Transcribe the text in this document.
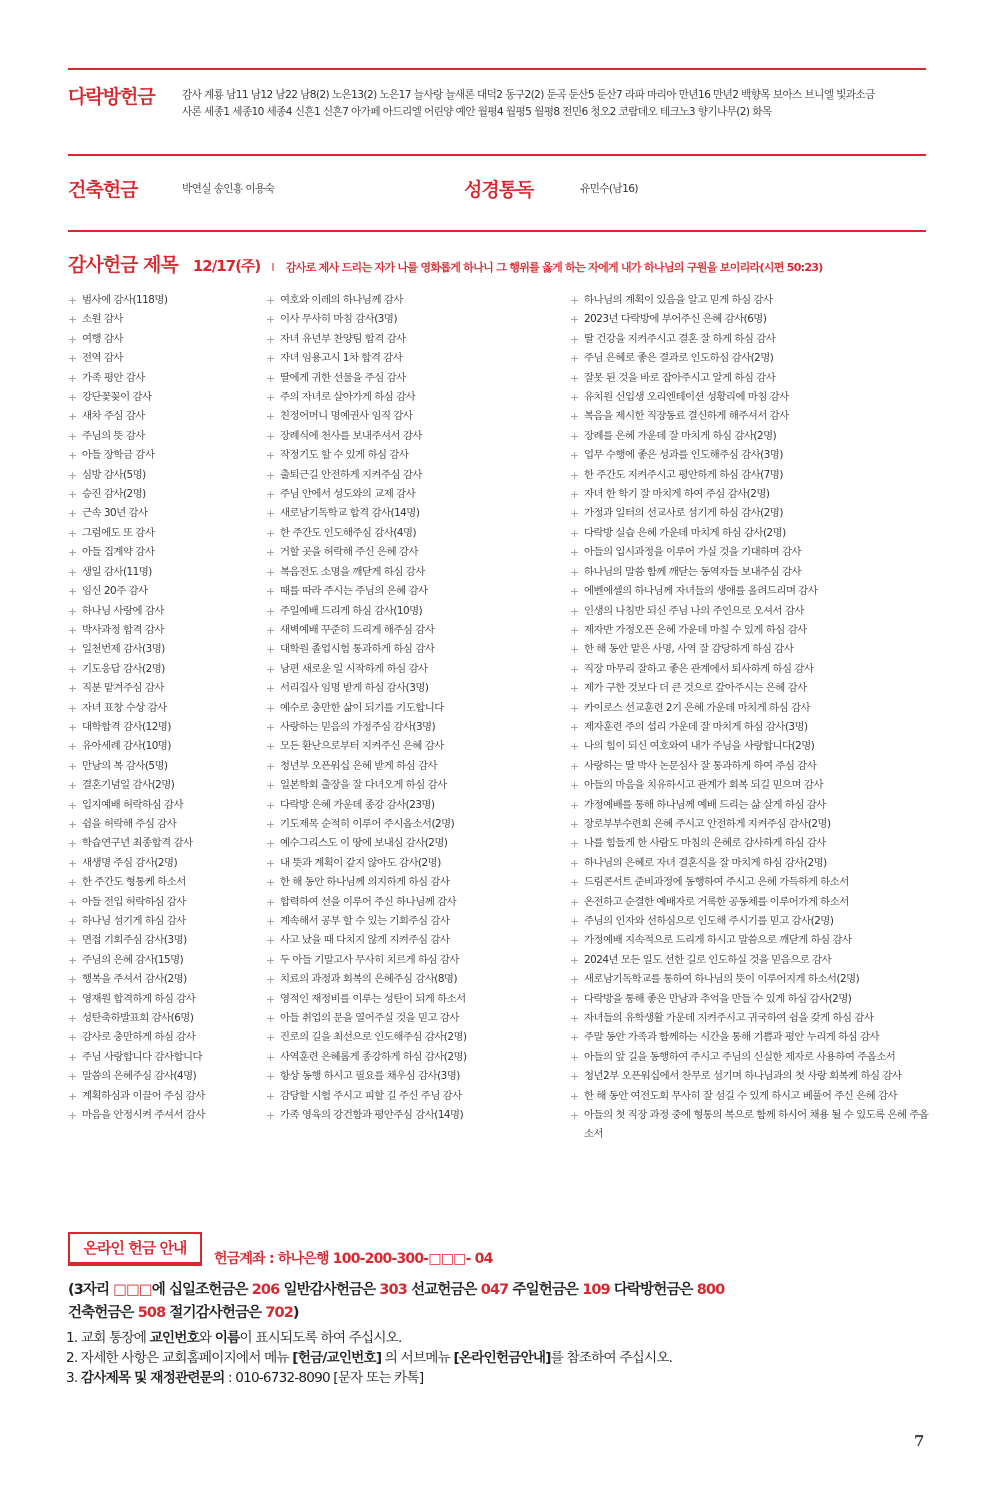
다락방헌금	감사 계룡 남11 남12 남22 남8(2) 노은13(2) 노은17 늘사랑 늘새론 대덕2 동구2(2) 둔곡 둔산5 둔산7 라파 마리아 만년16 만년2 백향목 보아스 브니엘 빛과소금
사론 세종1 세종10 세종4 신흔1 신흔7 아가페 아드리엘 어린양 예안 월평4 월평5 월평8 전민6 청오2 코람데오 테크노3 향기나무(2) 화목
건축헌금	박연실 송인홍 이용숙	성경통독	유민수(남16)
감사헌금 제목 12/17(주) I 감사로 제사 드리는 자가 나를 영화롭게 하나니 그 행위를 옳게 하는 자에게 내가 하나님의 구원을 보이리라(시편 50:23)
+ 범사에 감사(118명)
+ 소원 감사
+ 여행 감사
+ 전역 감사
+ 가족 평안 감사
+ 강단꽃꽂이 감사
+ 새차 주심 감사
+ 주님의 뜻 감사
+ 아들 장학금 감사
+ 심방 감사(5명)
+ 승진 감사(2명)
+ 근속 30년 감사
+ 그럼에도 또 감사
+ 아들 집계약 감사
+ 생일 감사(11명)
+ 임신 20주 감사
+ 하나님 사랑에 감사
+ 박사과정 합격 감사
+ 일천번제 감사(3명)
+ 기도응답 감사(2명)
+ 직분 맡겨주심 감사
+ 자녀 표창 수상 감사
+ 대학합격 감사(12명)
+ 유아세례 감사(10명)
+ 만남의 복 감사(5명)
+ 결혼기념일 감사(2명)
+ 입지예배 허락하심 감사
+ 쉼을 허락해 주심 감사
+ 학습연구년 최종합격 감사
+ 새생명 주심 감사(2명)
+ 한 주간도 형통케 하소서
+ 아들 전입 허락하심 감사
+ 하나님 섬기게 하심 감사
+ 면접 기회주심 감사(3명)
+ 주님의 은혜 감사(15명)
+ 행복을 주셔서 감사(2명)
+ 영재원 합격하게 하심 감사
+ 성탄축하발표회 감사(6명)
+ 감사로 충만하게 하심 감사
+ 주님 사랑합니다 감사합니다
+ 말씀의 은혜주심 감사(4명)
+ 계획하심과 이끌어 주심 감사
+ 마음을 안정시켜 주셔서 감사
+ 여호와 이레의 하나님께 감사
+ 이사 무사히 마침 감사(3명)
+ 자녀 유년부 찬양팀 합격 감사
+ 자녀 임용고시 1차 합격 감사
+ 딸에게 귀한 선물을 주심 감사
+ 주의 자녀로 살아가게 하심 감사
+ 친정어머니 명예권사 임직 감사
+ 장례식에 천사를 보내주셔서 감사
+ 작정기도 할 수 있게 하심 감사
+ 출퇴근길 안전하게 지켜주심 감사
+ 주님 안에서 성도와의 교제 감사
+ 새로남기독학교 합격 감사(14명)
+ 한 주간도 인도해주심 감사(4명)
+ 거할 곳을 허락해 주신 은혜 감사
+ 복음전도 소명을 깨닫게 하심 감사
+ 때를 따라 주시는 주님의 은혜 감사
+ 주일예배 드리게 하심 감사(10명)
+ 새벽예배 꾸준히 드리게 해주심 감사
+ 대학원 졸업시험 통과하게 하심 감사
+ 남편 새로운 일 시작하게 하심 감사
+ 서리집사 임명 받게 하심 감사(3명)
+ 예수로 충만한 삶이 되기를 기도합니다
+ 사랑하는 믿음의 가정주심 감사(3명)
+ 모든 환난으로부터 지켜주신 은혜 감사
+ 청년부 오픈워십 은혜 받게 하심 감사
+ 일본학회 출장을 잘 다녀오게 하심 감사
+ 다락방 은혜 가운데 종강 감사(23명)
+ 기도제목 순적히 이루어 주시옵소서(2명)
+ 예수그리스도 이 땅에 보내심 감사(2명)
+ 내 뜻과 계획이 같지 않아도 감사(2명)
+ 한 해 동안 하나님께 의지하게 하심 감사
+ 합력하여 선을 이루어 주신 하나님께 감사
+ 계속해서 공부 할 수 있는 기회주심 감사
+ 사고 났을 때 다치지 않게 지켜주심 감사
+ 두 아들 기말고사 무사히 치르게 하심 감사
+ 치료의 과정과 회복의 은혜주심 감사(8명)
+ 영적인 재정비를 이루는 성탄이 되게 하소서
+ 아들 취업의 문을 열어주실 것을 믿고 감사
+ 진로의 길을 최선으로 인도해주심 감사(2명)
+ 사역훈련 은혜롭게 종강하게 하심 감사(2명)
+ 항상 동행 하시고 필요를 채우심 감사(3명)
+ 감당할 시험 주시고 피할 길 주신 주님 감사
+ 가족 영육의 강건함과 평안주심 감사(14명)
+ 하나님의 계획이 있음을 알고 믿게 하심 감사
+ 2023년 다락방에 부어주신 은혜 감사(6명)
+ 딸 건강을 지켜주시고 결혼 잘 하게 하심 감사
+ 주님 은혜로 좋은 결과로 인도하심 감사(2명)
+ 잘못 된 것을 바로 잡아주시고 알게 하심 감사
+ 유치원 신입생 오리엔테이션 성황리에 마침 감사
+ 복음을 제시한 직장동료 결신하게 해주셔서 감사
+ 장례를 은혜 가운데 잘 마치게 하심 감사(2명)
+ 업무 수행에 좋은 성과를 인도해주심 감사(3명)
+ 한 주간도 지켜주시고 평안하게 하심 감사(7명)
+ 자녀 한 학기 잘 마치게 하여 주심 감사(2명)
+ 가정과 일터의 선교사로 섬기게 하심 감사(2명)
+ 다락방 실습 은혜 가운데 마치게 하심 감사(2명)
+ 아들의 입시과정을 이루어 가실 것을 기대하며 감사
+ 하나님의 말씀 함께 깨닫는 동역자들 보내주심 감사
+ 에벤에셀의 하나님께 자녀들의 생애를 올려드리며 감사
+ 인생의 나침반 되신 주님 나의 주인으로 오셔서 감사
+ 제자반 가정오픈 은혜 가운데 마칠 수 있게 하심 감사
+ 한 해 동안 맡은 사명, 사역 잘 감당하게 하심 감사
+ 직장 마무리 잘하고 좋은 관계에서 퇴사하게 하심 감사
+ 제가 구한 것보다 더 큰 것으로 갚아주시는 은혜 감사
+ 카이로스 선교훈련 2기 은혜 가운데 마치게 하심 감사
+ 제자훈련 주의 섭리 가운데 잘 마치게 하심 감사(3명)
+ 나의 힘이 되신 여호와여 내가 주님을 사랑합니다(2명)
+ 사랑하는 딸 박사 논문심사 잘 통과하게 하여 주심 감사
+ 아들의 마음을 치유하시고 관계가 회복 되길 믿으며 감사
+ 가정예배를 통해 하나님께 예배 드리는 삶 살게 하심 감사
+ 장로부부수련회 은혜 주시고 안전하게 지켜주심 감사(2명)
+ 나를 힘들게 한 사람도 마침의 은혜로 감사하게 하심 감사
+ 하나님의 은혜로 자녀 결혼식을 잘 마치게 하심 감사(2명)
+ 드림콘서트 준비과정에 동행하여 주시고 은혜 가득하게 하소서
+ 온전하고 순결한 예배자로 거룩한 공동체를 이루어가게 하소서
+ 주님의 인자와 선하심으로 인도해 주시기를 믿고 감사(2명)
+ 가정예배 지속적으로 드리게 하시고 말씀으로 깨닫게 하심 감사
+ 2024년 모든 일도 선한 길로 인도하실 것을 믿음으로 감사
+ 새로남기독학교를 통하여 하나님의 뜻이 이루어지게 하소서(2명)
+ 다락방을 통해 좋은 만남과 추억을 만들 수 있게 하심 감사(2명)
+ 자녀들의 유학생활 가운데 지켜주시고 귀국하여 쉼을 갖게 하심 감사
+ 주말 동안 가족과 함께하는 시간을 통해 기쁨과 평안 누리게 하심 감사
+ 아들의 앞 길을 동행하여 주시고 주님의 신실한 제자로 사용하여 주옵소서
+ 청년2부 오픈워십에서 찬무로 섬기며 하나님과의 첫 사랑 회복케 하심 감사
+ 한 해 동안 여전도회 무사히 잘 섬길 수 있게 하시고 베풀어 주신 은혜 감사
+ 아들의 첫 직장 과정 중에 형통의 복으로 함께 하시어 채용 될 수 있도록 은혜 주옵소서
온라인 헌금 안내
헌금계좌 : 하나은행 100-200-300-□□□- 04
(3자리 □□□에 십일조헌금은 206 일반감사헌금은 303 선교헌금은 047 주일헌금은 109 다락방헌금은 800
건축헌금은 508 절기감사헌금은 702)
1. 교회 통장에 교인번호와 이름이 표시되도록 하여 주십시오.
2. 자세한 사항은 교회홈페이지에서 메뉴 [헌금/교인번호] 의 서브메뉴 [온라인헌금안내]를 참조하여 주십시오.
3. 감사제목 및 재정관련문의 : 010-6732-8090 [문자 또는 카톡]
7
